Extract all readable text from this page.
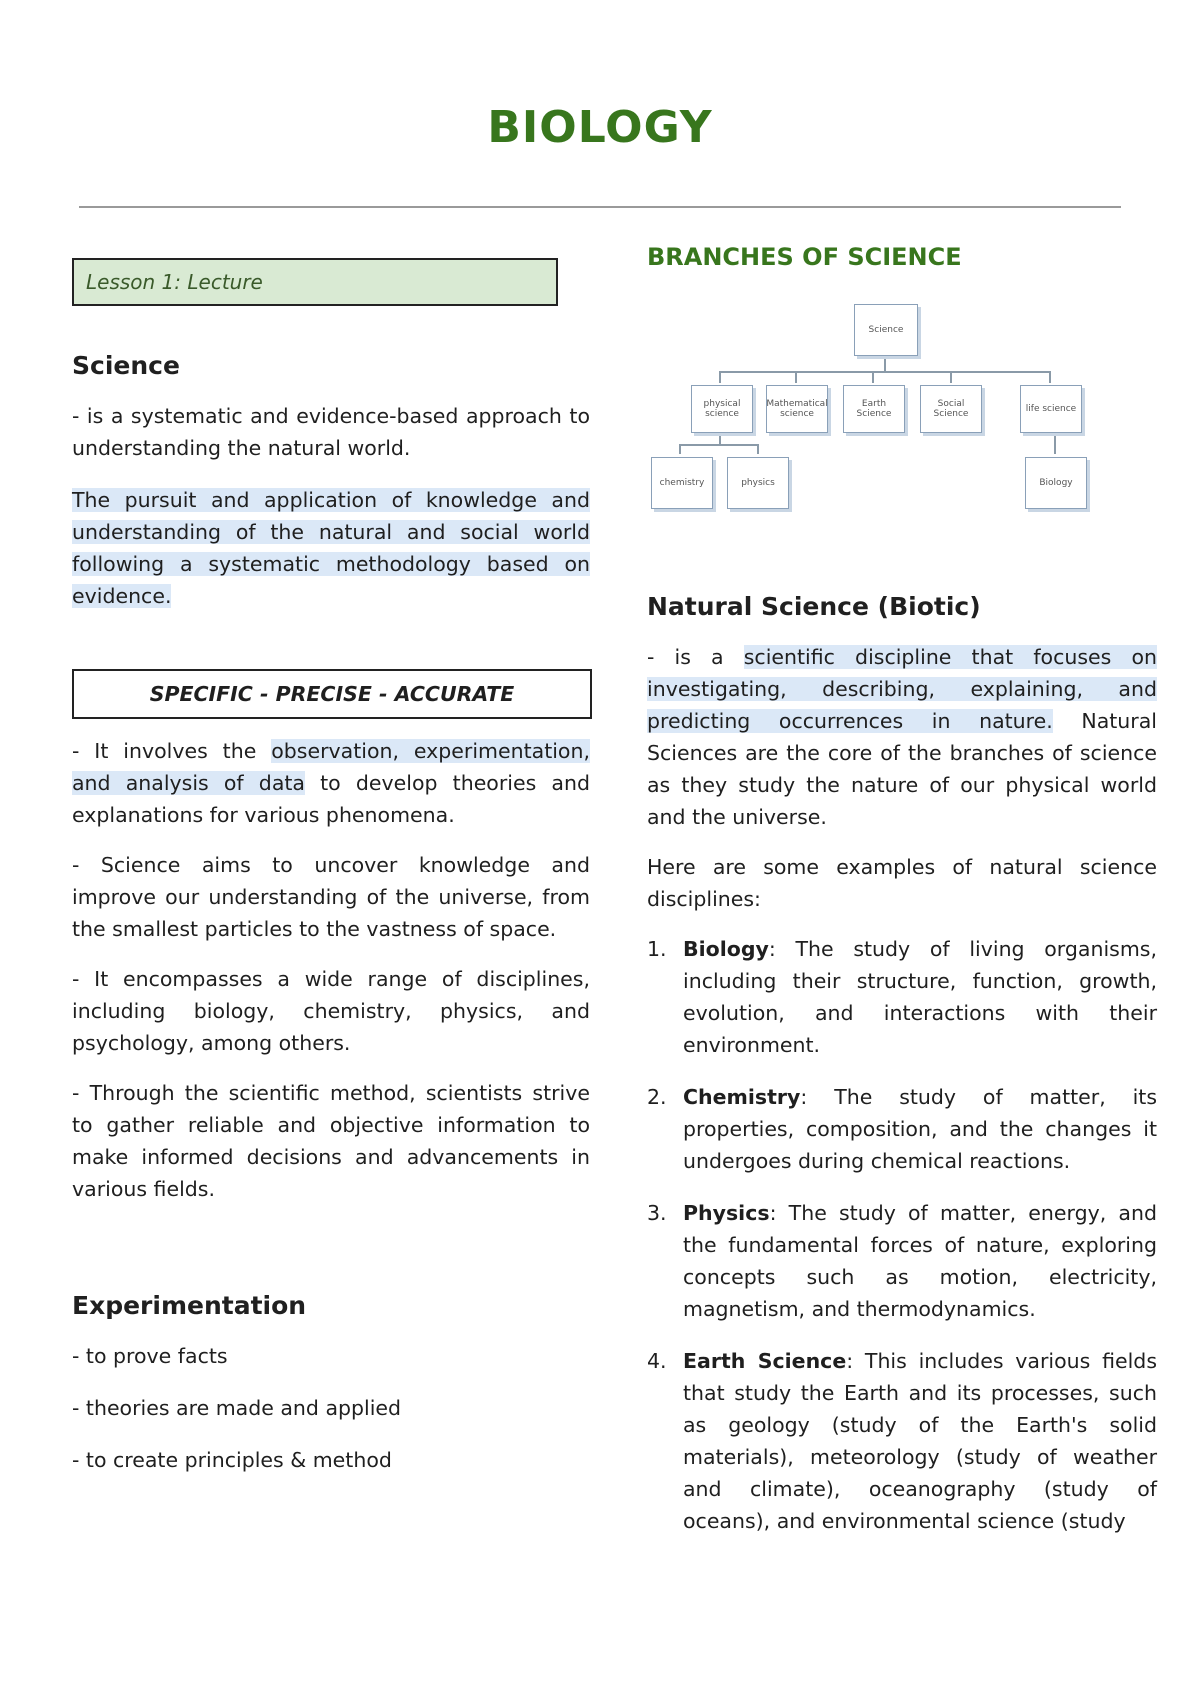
BIOLOGY
Lesson 1: Lecture
Science

- is a systematic and evidence-based approach to understanding the natural world.

The pursuit and application of knowledge and understanding of the natural and social world following a systematic methodology based on evidence.

SPECIFIC - PRECISE - ACCURATE

- It involves the observation, experimentation, and analysis of data to develop theories and explanations for various phenomena.

- Science aims to uncover knowledge and improve our understanding of the universe, from the smallest particles to the vastness of space.

- It encompasses a wide range of disciplines, including biology, chemistry, physics, and psychology, among others.

- Through the scientific method, scientists strive to gather reliable and objective information to make informed decisions and advancements in various fields.

Experimentation

- to prove facts

- theories are made and applied

- to create principles & method

BRANCHES OF SCIENCE
Science
physical science
Mathematical science
Earth Science
Social Science	life science
chemistry	physics	Biology
Natural Science (Biotic)

- is a scientific discipline that focuses on investigating, describing, explaining, and predicting occurrences in nature. Natural Sciences are the core of the branches of science as they study the nature of our physical world and the universe.

Here are some examples of natural science disciplines:

1. Biology: The study of living organisms, including their structure, function, growth, evolution, and interactions with their environment.
2. Chemistry: The study of matter, its properties, composition, and the changes it undergoes during chemical reactions.
3. Physics: The study of matter, energy, and the fundamental forces of nature, exploring concepts such as motion, electricity, magnetism, and thermodynamics.
4. Earth Science: This includes various fields that study the Earth and its processes, such as geology (study of the Earth's solid materials), meteorology (study of weather and climate), oceanography (study of oceans), and environmental science (study
